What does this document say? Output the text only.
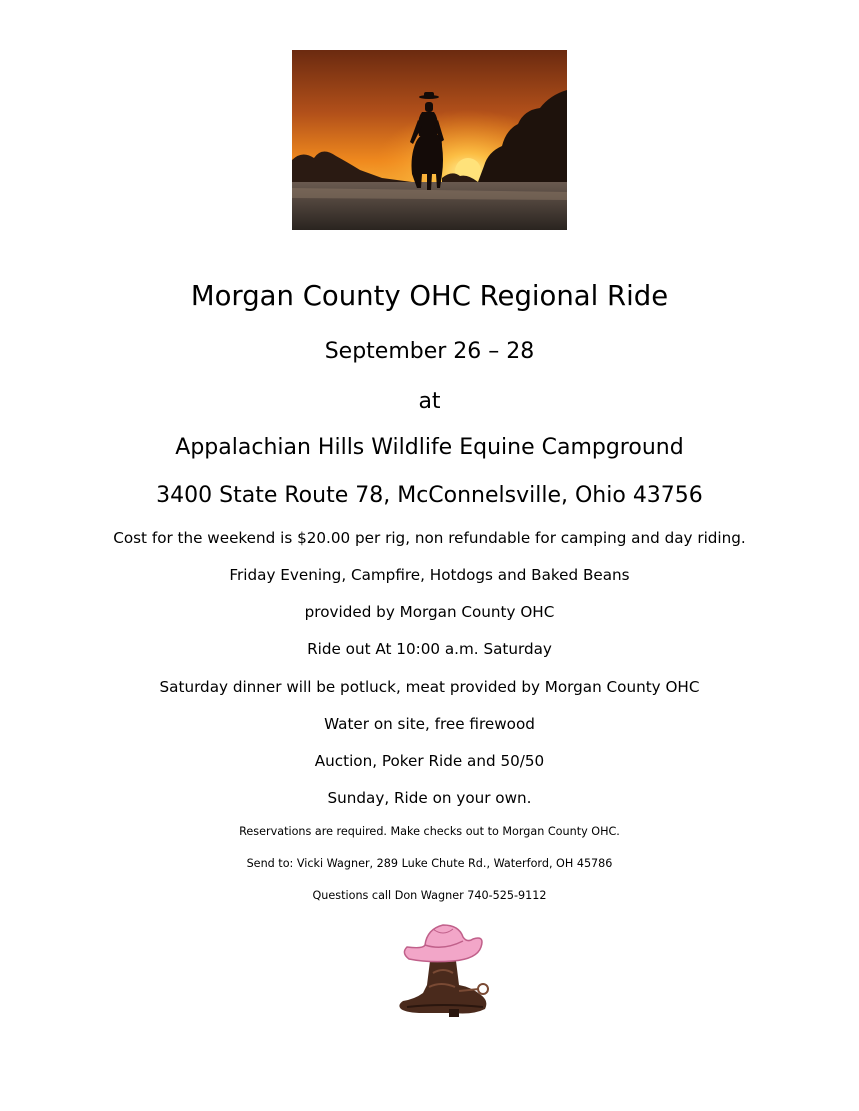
Morgan County OHC Regional Ride
September 26 – 28
at
Appalachian Hills Wildlife Equine Campground
3400 State Route 78, McConnelsville, Ohio 43756
Cost for the weekend is $20.00 per rig, non refundable for camping and day riding.
Friday Evening, Campfire, Hotdogs and Baked Beans
provided by Morgan County OHC
Ride out At 10:00 a.m. Saturday
Saturday dinner will be potluck, meat provided by Morgan County OHC
Water on site, free firewood
Auction, Poker Ride and 50/50
Sunday, Ride on your own.
Reservations are required. Make checks out to Morgan County OHC.
Send to: Vicki Wagner, 289 Luke Chute Rd., Waterford, OH 45786
Questions call Don Wagner 740-525-9112
